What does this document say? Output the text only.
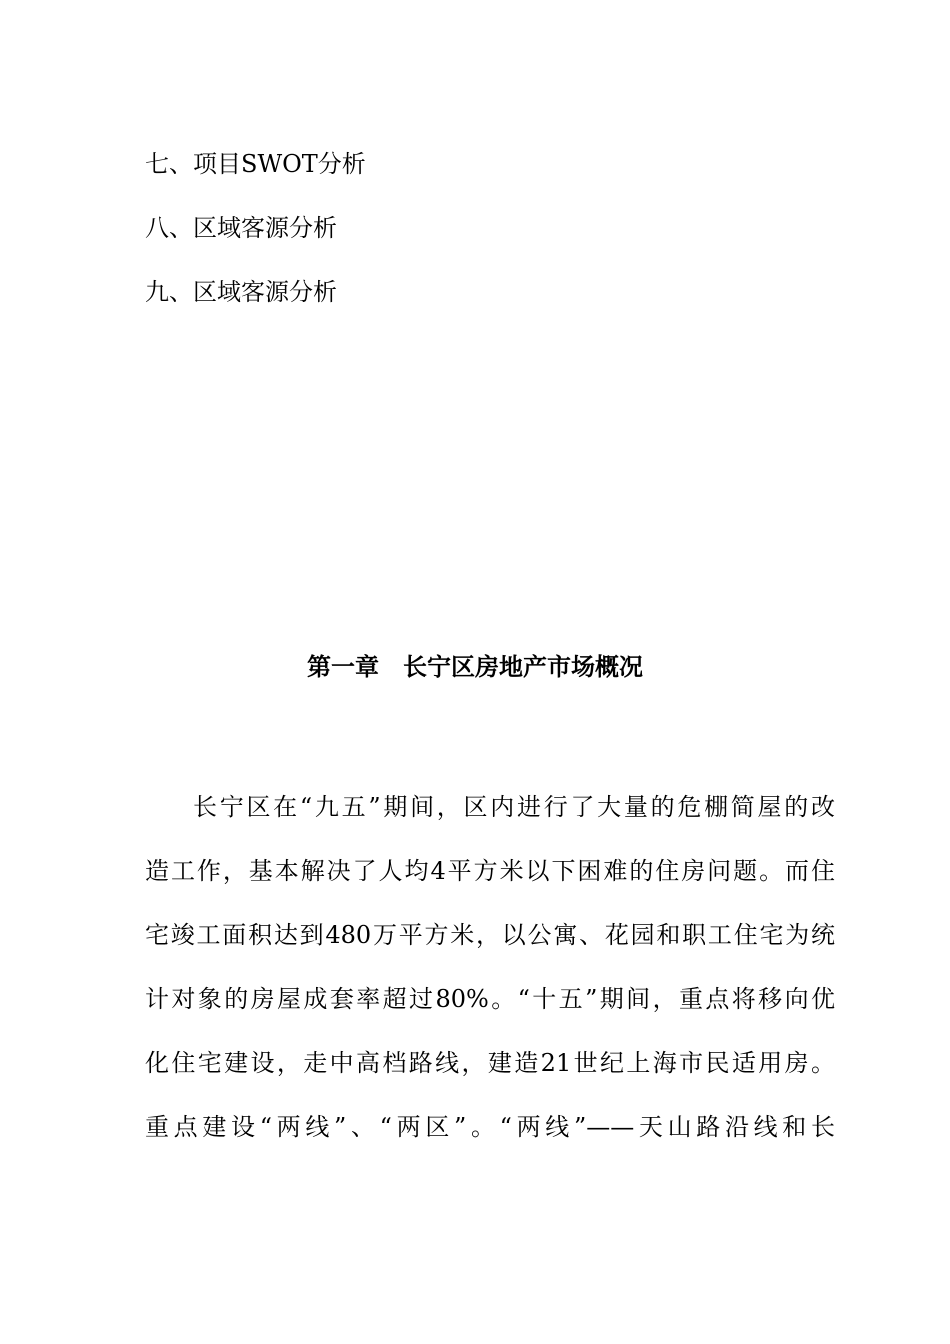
七、项目SWOT分析
八、区域客源分析
九、区域客源分析
第一章　长宁区房地产市场概况
长宁区在“九五”期间，区内进行了大量的危棚简屋的改
造工作，基本解决了人均4平方米以下困难的住房问题。而住
宅竣工面积达到480万平方米，以公寓、花园和职工住宅为统
计对象的房屋成套率超过80%。“十五”期间，重点将移向优
化住宅建设，走中高档路线，建造21世纪上海市民适用房。
重点建设“两线”、“两区”。“两线”——天山路沿线和长
